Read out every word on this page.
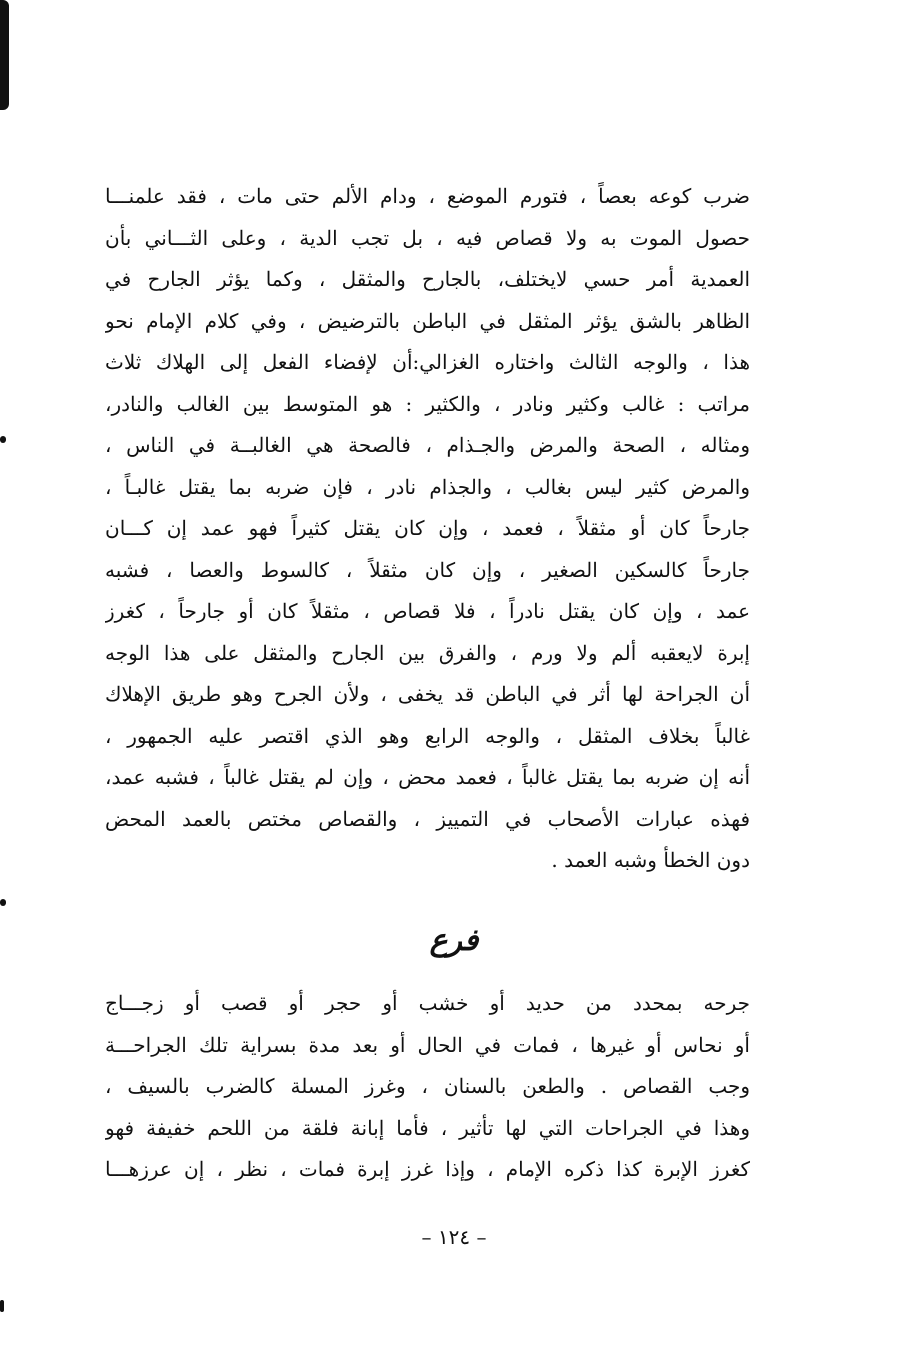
ضرب كوعه بعصاً ، فتورم الموضع ، ودام الألم حتى مات ، فقد علمنـــا
حصول الموت به ولا قصاص فيه ، بل تجب الدية ، وعلى الثـــاني بأن
العمدية أمر حسي لايختلف، بالجارح والمثقل ، وكما يؤثر الجارح في
الظاهر بالشق يؤثر المثقل في الباطن بالترضيض ، وفي كلام الإمام نحو
هذا ، والوجه الثالث واختاره الغزالي:أن لإفضاء الفعل إلى الهلاك ثلاث
مراتب : غالب وكثير ونادر ، والكثير : هو المتوسط بين الغالب والنادر،
ومثاله ، الصحة والمرض والجـذام ، فالصحة هي الغالبــة في الناس ،
والمرض كثير ليس بغالب ، والجذام نادر ، فإن ضربه بما يقتل غالبـاً ،
جارحاً كان أو مثقلاً ، فعمد ، وإن كان يقتل كثيراً فهو عمد إن كـــان
جارحاً كالسكين الصغير ، وإن كان مثقلاً ، كالسوط والعصا ، فشبه
عمد ، وإن كان يقتل نادراً ، فلا قصاص ، مثقلاً كان أو جارحاً ، كغرز
إبرة لايعقبه ألم ولا ورم ، والفرق بين الجارح والمثقل على هذا الوجه
أن الجراحة لها أثر في الباطن قد يخفى ، ولأن الجرح وهو طريق الإهلاك
غالباً بخلاف المثقل ، والوجه الرابع وهو الذي اقتصر عليه الجمهور ،
أنه إن ضربه بما يقتل غالباً ، فعمد محض ، وإن لم يقتل غالباً ، فشبه عمد،
فهذه عبارات الأصحاب في التمييز ، والقصاص مختص بالعمد المحض
دون الخطأ وشبه العمد .
فرع
جرحه بمحدد من حديد أو خشب أو حجر أو قصب أو زجـــاج
أو نحاس أو غيرها ، فمات في الحال أو بعد مدة بسراية تلك الجراحـــة
وجب القصاص . والطعن بالسنان ، وغرز المسلة كالضرب بالسيف ،
وهذا في الجراحات التي لها تأثير ، فأما إبانة فلقة من اللحم خفيفة فهو
كغرز الإبرة كذا ذكره الإمام ، وإذا غرز إبرة فمات ، نظر ، إن عرزهـــا
– ١٢٤ –
